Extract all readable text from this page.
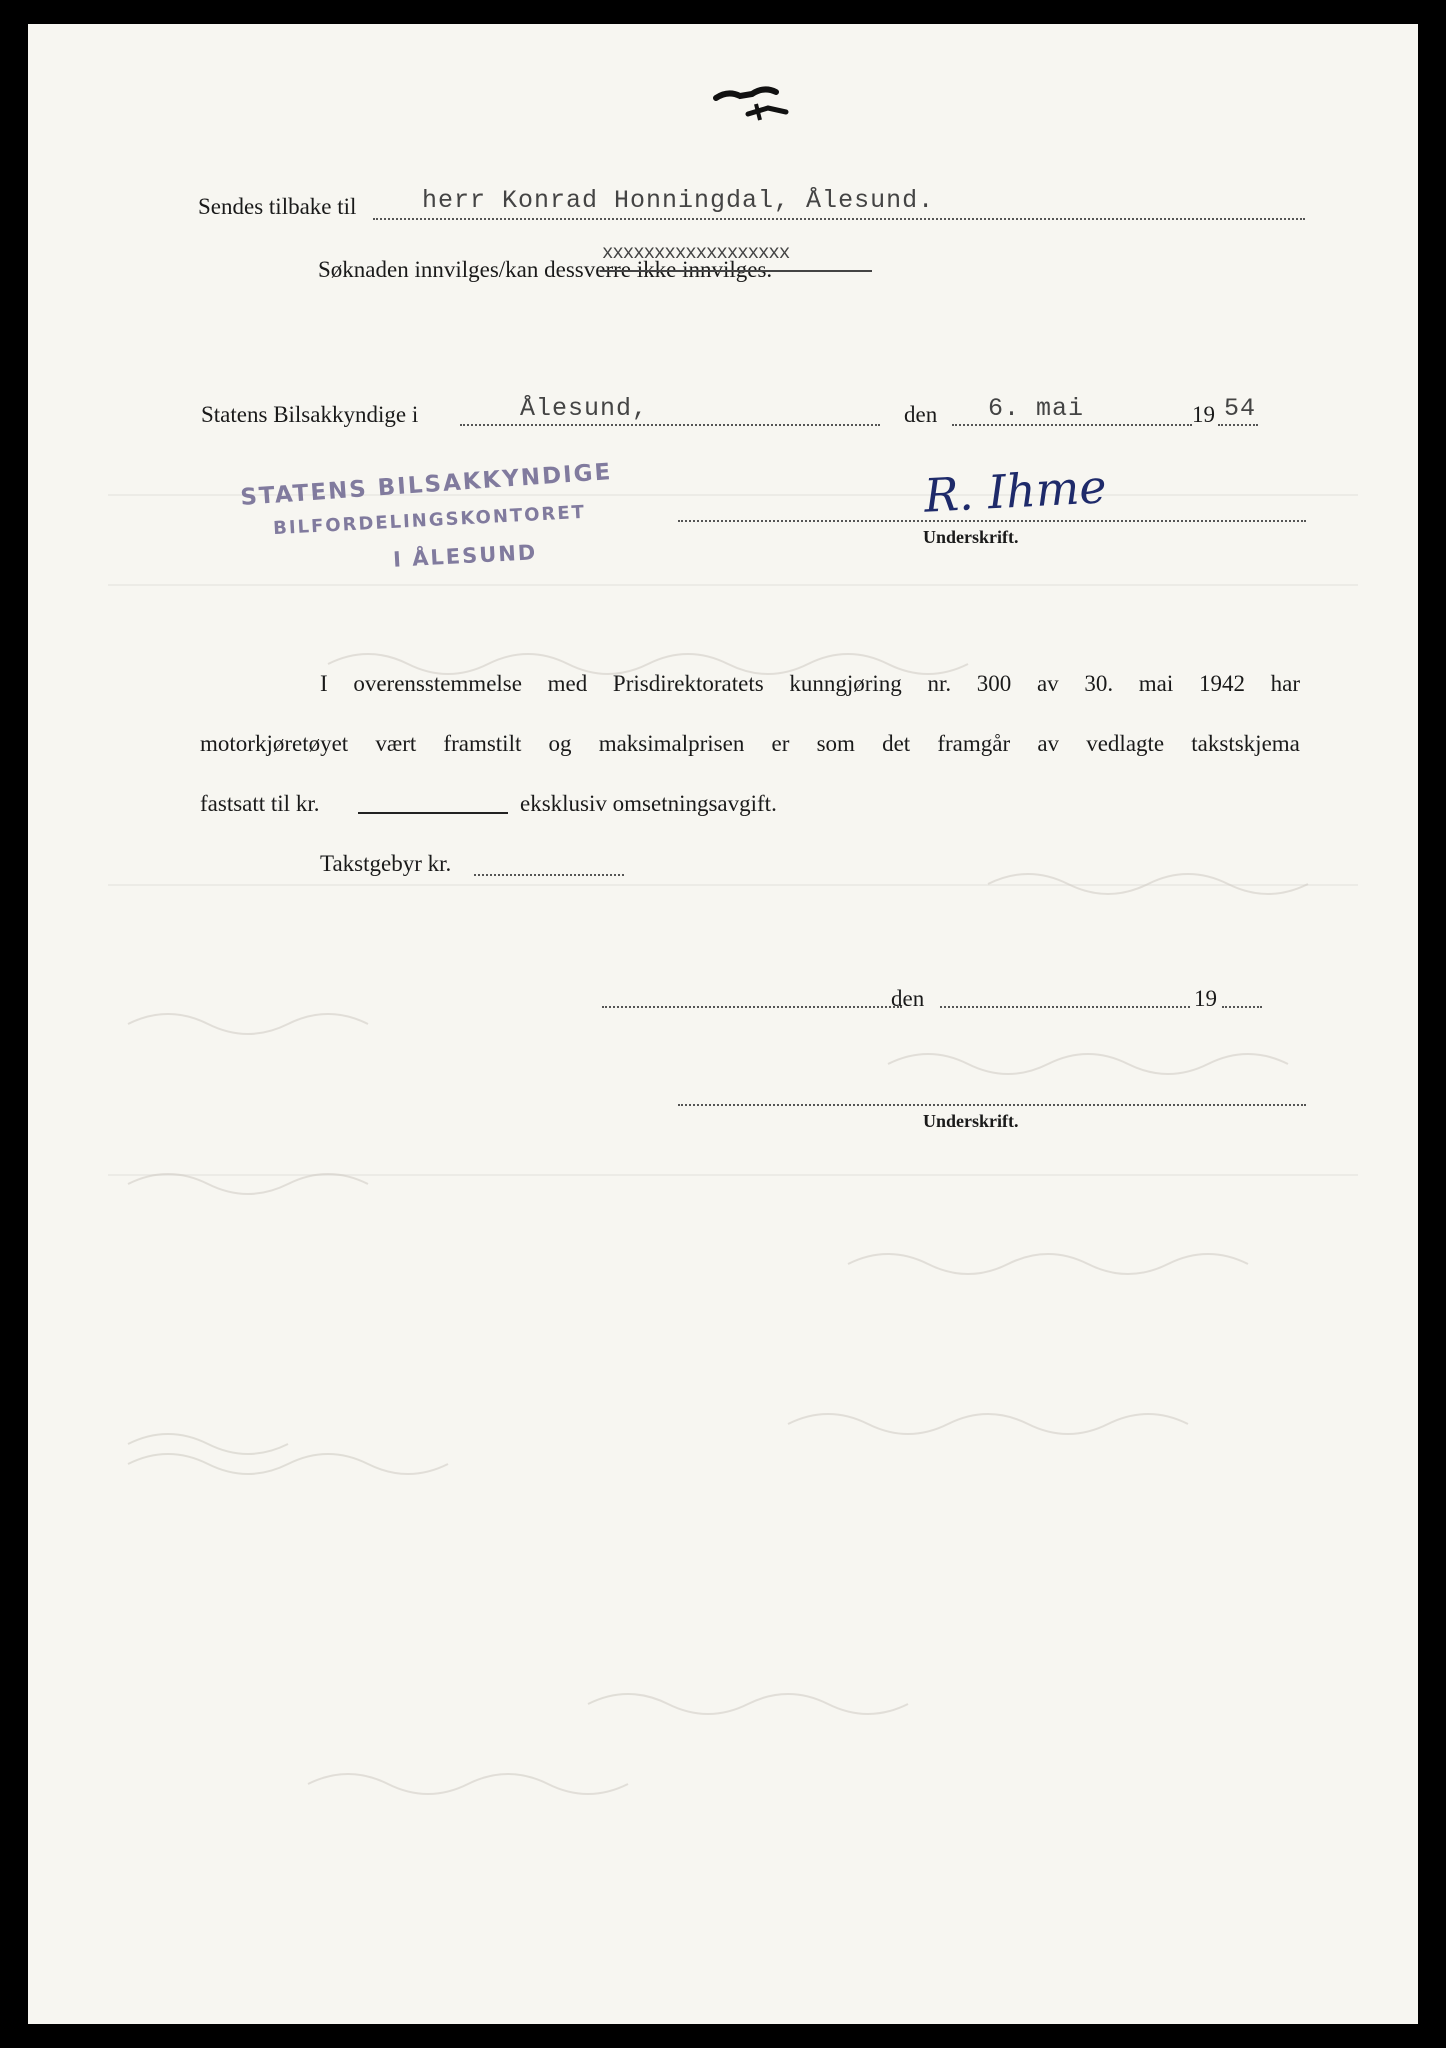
Sendes tilbake til	herr Konrad Honningdal, Ålesund.
xxxxxxxxxxxxxxxxxx
Søknaden innvilges/kan dessverre ikke innvilges.
Statens Bilsakkyndige i	Ålesund,	den 6. mai	19 54
STATENS BILSAKKYNDIGE
BILFORDELINGSKONTORET
I ÅLESUND
R. Ihme
Underskrift.
I overensstemmelse med Prisdirektoratets kunngjøring nr. 300 av 30. mai 1942 har
motorkjøretøyet vært framstilt og maksimalprisen er som det framgår av vedlagte takstskjema
fastsatt til kr.	eksklusiv omsetningsavgift.
Takstgebyr kr.
den	19
Underskrift.
